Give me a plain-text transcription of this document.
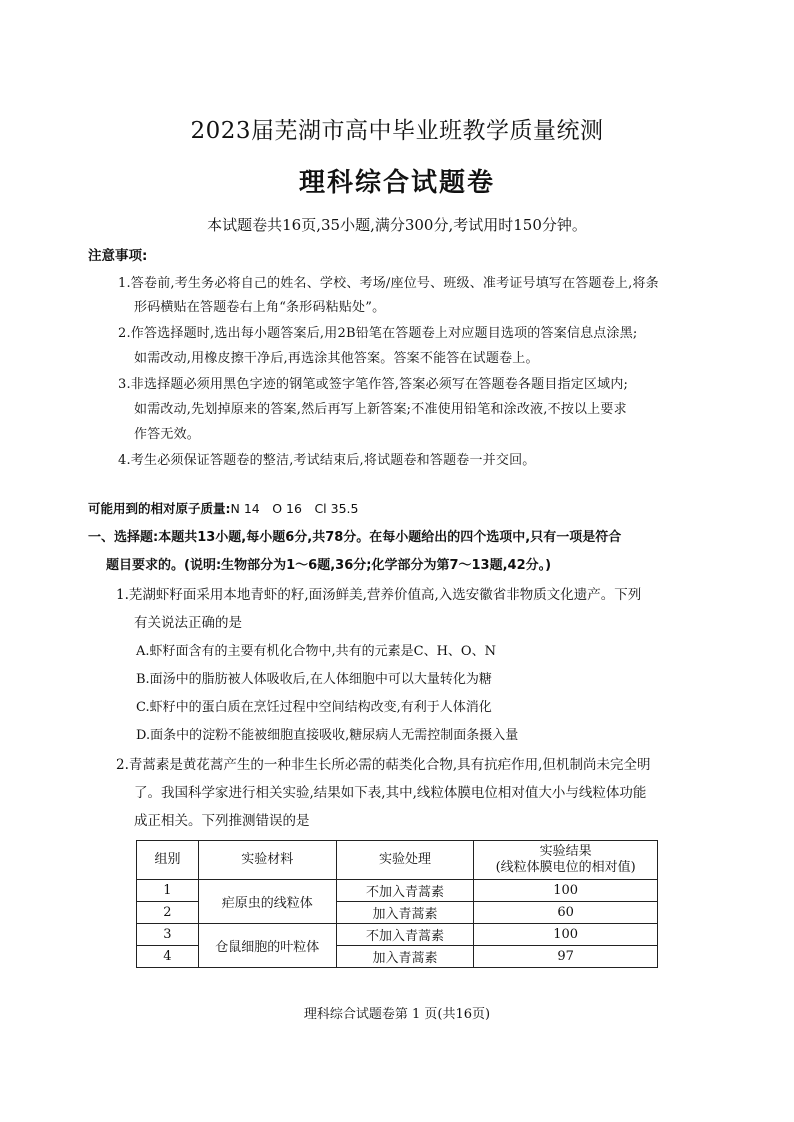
2023届芜湖市高中毕业班教学质量统测
理科综合试题卷
本试题卷共16页,35小题,满分300分,考试用时150分钟。
注意事项:
1.答卷前,考生务必将自己的姓名、学校、考场/座位号、班级、准考证号填写在答题卷上,将条
形码横贴在答题卷右上角“条形码粘贴处”。
2.作答选择题时,选出每小题答案后,用2B铅笔在答题卷上对应题目选项的答案信息点涂黑;
如需改动,用橡皮擦干净后,再选涂其他答案。答案不能答在试题卷上。
3.非选择题必须用黑色字迹的钢笔或签字笔作答,答案必须写在答题卷各题目指定区域内;
如需改动,先划掉原来的答案,然后再写上新答案;不准使用铅笔和涂改液,不按以上要求
作答无效。
4.考生必须保证答题卷的整洁,考试结束后,将试题卷和答题卷一并交回。
可能用到的相对原子质量:N 14　O 16　Cl 35.5
一、选择题:本题共13小题,每小题6分,共78分。在每小题给出的四个选项中,只有一项是符合
题目要求的。(说明:生物部分为1～6题,36分;化学部分为第7～13题,42分。)
1.芜湖虾籽面采用本地青虾的籽,面汤鲜美,营养价值高,入选安徽省非物质文化遗产。下列
有关说法正确的是
A.虾籽面含有的主要有机化合物中,共有的元素是C、H、O、N
B.面汤中的脂肪被人体吸收后,在人体细胞中可以大量转化为糖
C.虾籽中的蛋白质在烹饪过程中空间结构改变,有利于人体消化
D.面条中的淀粉不能被细胞直接吸收,糖尿病人无需控制面条摄入量
2.青蒿素是黄花蒿产生的一种非生长所必需的萜类化合物,具有抗疟作用,但机制尚未完全明
了。我国科学家进行相关实验,结果如下表,其中,线粒体膜电位相对值大小与线粒体功能
成正相关。下列推测错误的是
组别	实验材料	实验处理	实验结果
(线粒体膜电位的相对值)

1	疟原虫的线粒体	不加入青蒿素	100
2		加入青蒿素	60
3	仓鼠细胞的叶粒体	不加入青蒿素	100
4		加入青蒿素	97
理科综合试题卷第 1 页(共16页)
